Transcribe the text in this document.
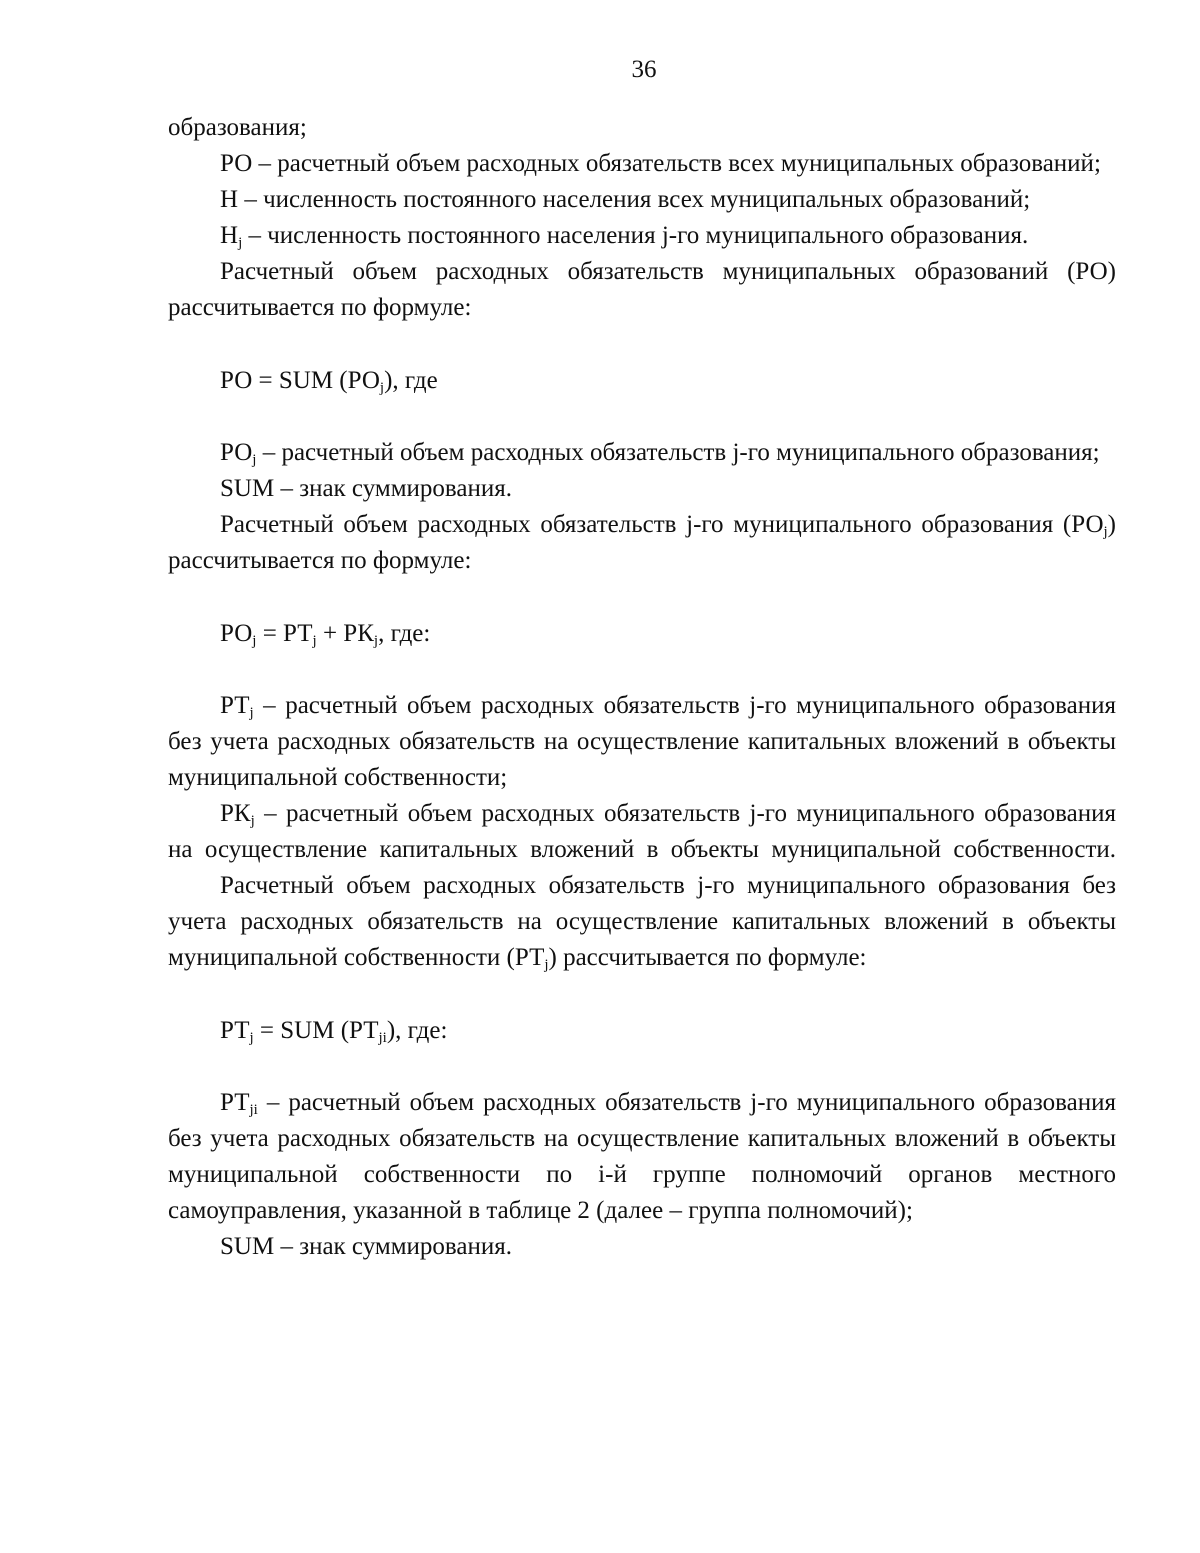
36

образования;

РО – расчетный объем расходных обязательств всех муниципальных образований;

Н – численность постоянного населения всех муниципальных образований;

$Н_j$ – численность постоянного населения j-го муниципального образования.

Расчетный объем расходных обязательств муниципальных образований (РО) рассчитывается по формуле:

РО = SUM $(РО_j)$, где

$РО_j$ – расчетный объем расходных обязательств j-го муниципального образования;

SUM – знак суммирования.

Расчетный объем расходных обязательств j-го муниципального образования $(РО_j)$ рассчитывается по формуле:

$РО_j = РТ_j + РК_j$, где:

$РТ_j$ – расчетный объем расходных обязательств j-го муниципального образования без учета расходных обязательств на осуществление капитальных вложений в объекты муниципальной собственности;

$РК_j$ – расчетный объем расходных обязательств j-го муниципального образования на осуществление капитальных вложений в объекты муниципальной собственности.

Расчетный объем расходных обязательств j-го муниципального образования без учета расходных обязательств на осуществление капитальных вложений в объекты муниципальной собственности $(РТ_j)$ рассчитывается по формуле:

$РТ_j$ = SUM $(РТ_{ji})$, где:

$РТ_{ji}$ – расчетный объем расходных обязательств j-го муниципального образования без учета расходных обязательств на осуществление капитальных вложений в объекты муниципальной собственности по i-й группе полномочий органов местного самоуправления, указанной в таблице 2 (далее – группа полномочий);

SUM – знак суммирования.
